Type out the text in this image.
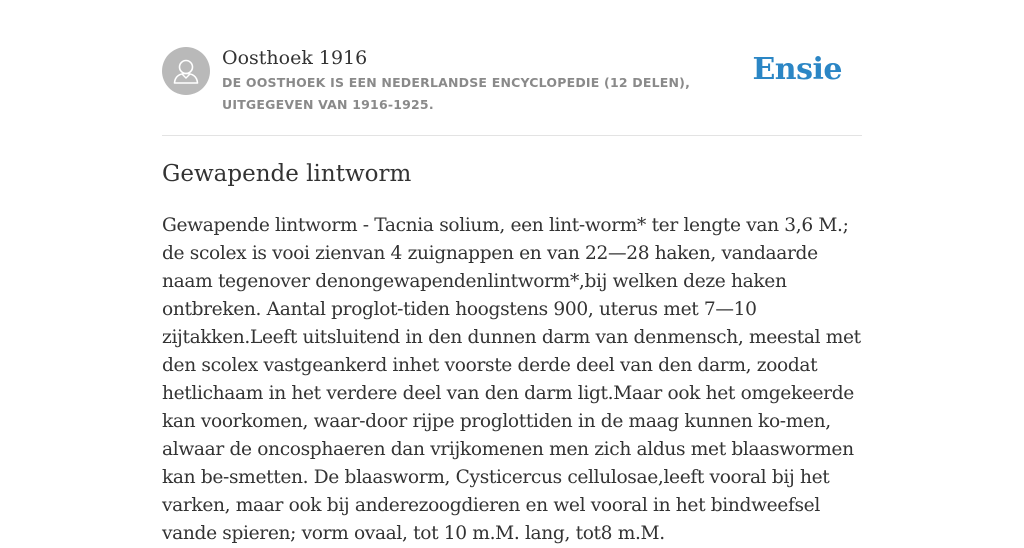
Oosthoek 1916
DE OOSTHOEK IS EEN NEDERLANDSE ENCYCLOPEDIE (12 DELEN), UITGEGEVEN VAN 1916-1925.
Ensie
Gewapende lintworm

Gewapende lintworm - Tacnia solium, een lint-worm* ter lengte van 3,6 M.; de scolex is vooi zienvan 4 zuignappen en van 22—28 haken, vandaarde naam tegenover denongewapendenlintworm*,bij welken deze haken ontbreken. Aantal proglot-tiden hoogstens 900, uterus met 7—10 zijtakken.Leeft uitsluitend in den dunnen darm van denmensch, meestal met den scolex vastgeankerd inhet voorste derde deel van den darm, zoodat hetlichaam in het verdere deel van den darm ligt.Maar ook het omgekeerde kan voorkomen, waar-door rijpe proglottiden in de maag kunnen ko-men, alwaar de oncosphaeren dan vrijkomenen men zich aldus met blaaswormen kan be-smetten. De blaasworm, Cysticercus cellulosae,leeft vooral bij het varken, maar ook bij anderezoogdieren en wel vooral in het bindweefsel vande spieren; vorm ovaal, tot 10 m.M. lang, tot8 m.M.
